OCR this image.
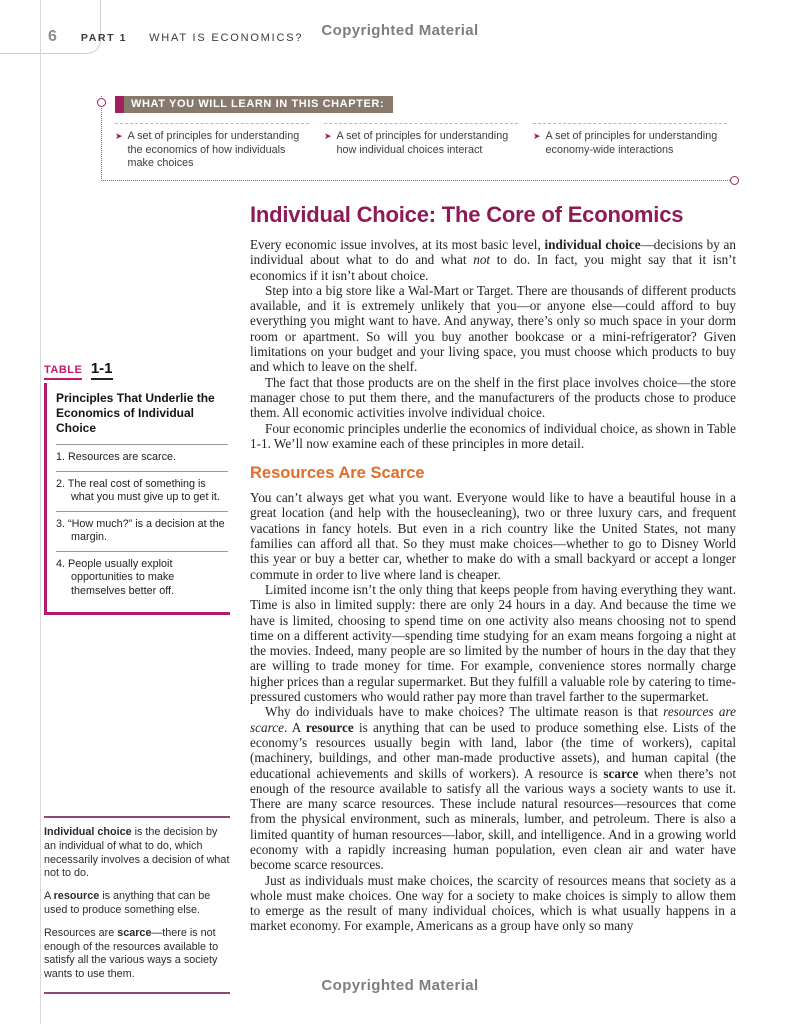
6 PART 1 WHAT IS ECONOMICS? Copyrighted Material
WHAT YOU WILL LEARN IN THIS CHAPTER:
➤ A set of principles for understanding the economics of how individuals make choices
➤ A set of principles for understanding how individual choices interact
➤ A set of principles for understanding economy-wide interactions
Individual Choice: The Core of Economics

Every economic issue involves, at its most basic level, individual choice—decisions by an individual about what to do and what not to do. In fact, you might say that it isn’t economics if it isn’t about choice.

Step into a big store like a Wal-Mart or Target. There are thousands of different products available, and it is extremely unlikely that you—or anyone else—could afford to buy everything you might want to have. And anyway, there’s only so much space in your dorm room or apartment. So will you buy another bookcase or a mini-refrigerator? Given limitations on your budget and your living space, you must choose which products to buy and which to leave on the shelf.

The fact that those products are on the shelf in the first place involves choice—the store manager chose to put them there, and the manufacturers of the products chose to produce them. All economic activities involve individual choice.

Four economic principles underlie the economics of individual choice, as shown in Table 1-1. We’ll now examine each of these principles in more detail.

Resources Are Scarce

You can’t always get what you want. Everyone would like to have a beautiful house in a great location (and help with the housecleaning), two or three luxury cars, and frequent vacations in fancy hotels. But even in a rich country like the United States, not many families can afford all that. So they must make choices—whether to go to Disney World this year or buy a better car, whether to make do with a small backyard or accept a longer commute in order to live where land is cheaper.

Limited income isn’t the only thing that keeps people from having everything they want. Time is also in limited supply: there are only 24 hours in a day. And because the time we have is limited, choosing to spend time on one activity also means choosing not to spend time on a different activity—spending time studying for an exam means forgoing a night at the movies. Indeed, many people are so limited by the number of hours in the day that they are willing to trade money for time. For example, convenience stores normally charge higher prices than a regular supermarket. But they fulfill a valuable role by catering to time-pressured customers who would rather pay more than travel farther to the supermarket.

Why do individuals have to make choices? The ultimate reason is that resources are scarce. A resource is anything that can be used to produce something else. Lists of the economy’s resources usually begin with land, labor (the time of workers), capital (machinery, buildings, and other man-made productive assets), and human capital (the educational achievements and skills of workers). A resource is scarce when there’s not enough of the resource available to satisfy all the various ways a society wants to use it. There are many scarce resources. These include natural resources—resources that come from the physical environment, such as minerals, lumber, and petroleum. There is also a limited quantity of human resources—labor, skill, and intelligence. And in a growing world economy with a rapidly increasing human population, even clean air and water have become scarce resources.

Just as individuals must make choices, the scarcity of resources means that society as a whole must make choices. One way for a society to make choices is simply to allow them to emerge as the result of many individual choices, which is what usually happens in a market economy. For example, Americans as a group have only so many

TABLE 1-1
Principles That Underlie the Economics of Individual Choice
1. Resources are scarce.
2. The real cost of something is what you must give up to get it.
3. “How much?” is a decision at the margin.
4. People usually exploit opportunities to make themselves better off.

Individual choice is the decision by an individual of what to do, which necessarily involves a decision of what not to do.

A resource is anything that can be used to produce something else.

Resources are scarce—there is not enough of the resources available to satisfy all the various ways a society wants to use them.

Copyrighted Material
